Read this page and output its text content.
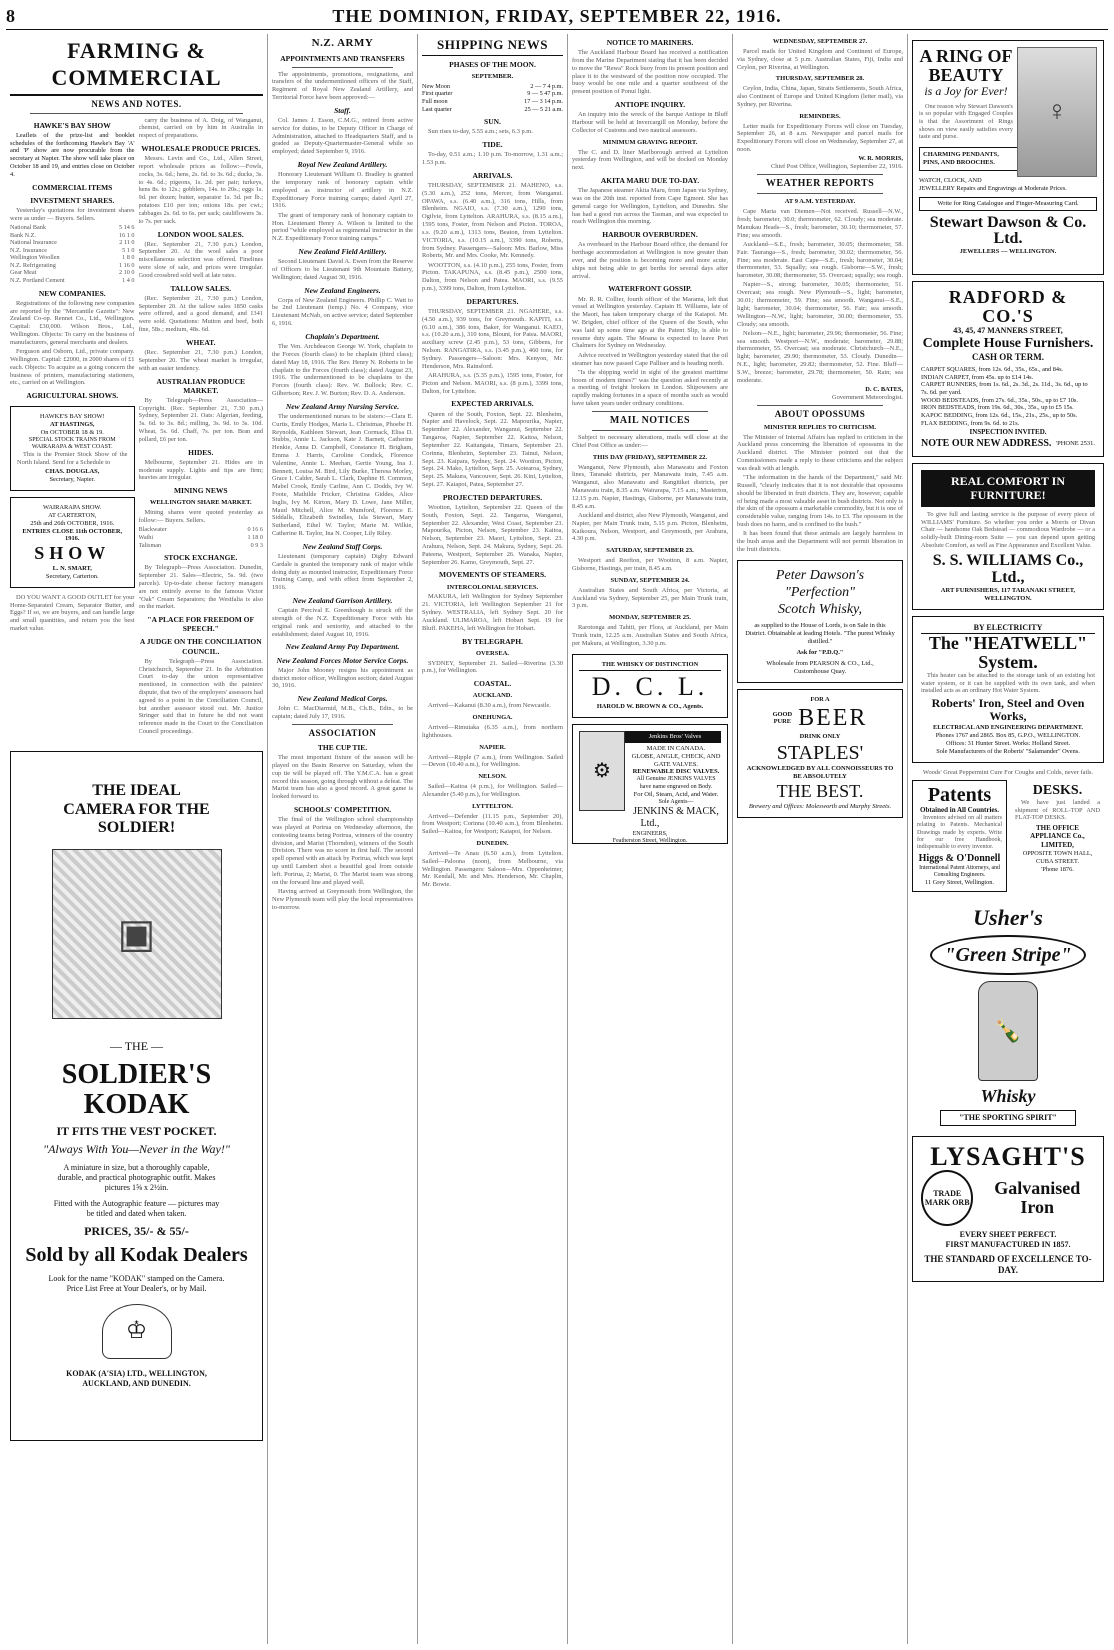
8	THE DOMINION, FRIDAY, SEPTEMBER 22, 1916.
FARMING & COMMERCIAL
NEWS AND NOTES.
HAWKE'S BAY SHOW

Leaflets of the prize-list and booklet schedules of the forthcoming Hawke's Bay 'A' and 'P' show are now procurable from the secretary at Napier. The show will take place on October 18 and 19, and entries close on October 4.

COMMERCIAL ITEMS
INVESTMENT SHARES.

Yesterday's quotations for investment shares were as under — Buyers. Sellers.

National Bank	5 14 6
Bank N.Z.	16 1 0
National Insurance	2 11 0
N.Z. Insurance	5 1 0
Wellington Woollen	1 8 0
N.Z. Refrigerating	1 16 0
Gear Meat	2 10 0
N.Z. Portland Cement	1 4 0
NEW COMPANIES.

Registrations of the following new companies are reported by the "Mercantile Gazette": New Zealand Co-op. Rennet Co., Ltd., Wellington. Capital: £30,000. Wilson Bros., Ltd., Wellington. Objects: To carry on the business of manufacturers, general merchants and dealers.

Ferguson and Osborn, Ltd., private company. Wellington. Capital: £2000, in 2000 shares of £1 each. Objects: To acquire as a going concern the business of printers, manufacturing stationers, etc., carried on at Wellington.

AGRICULTURAL SHOWS.
HAWKE'S BAY SHOW!
AT HASTINGS,
On OCTOBER 18 & 19.
SPECIAL STOCK TRAINS FROM WAIRARAPA & WEST COAST.

This is the Premier Stock Show of the North Island. Send for a Schedule to

CHAS. DOUGLAS,
Secretary, Napier.
WAIRARAPA SHOW.
AT CARTERTON,
25th and 26th OCTOBER, 1916.
ENTRIES CLOSE 11th OCTOBER, 1916.
SHOW
L. N. SMART,
Secretary, Carterton.

DO YOU WANT A GOOD OUTLET for your Home-Separated Cream, Separator Butter, and Eggs? If so, we are buyers, and can handle large and small quantities, and return you the best market value.

carry the business of A. Doig, of Wanganui, chemist, carried on by him in Australia in respect of preparations.

WHOLESALE PRODUCE PRICES.

Messrs. Levin and Co., Ltd., Allen Street, report wholesale prices as follow:—Fowls, cocks, 3s. 6d.; hens, 2s. 6d. to 3s. 6d.; ducks, 3s. to 4s. 6d.; pigeons, 1s. 2d. per pair; turkeys, hens 8s. to 12s.; gobblers, 14s. to 20s.; eggs 1s. 9d. per dozen; butter, separator 1s. 3d. per lb.; potatoes £10 per ton; onions 18s. per cwt.; cabbages 2s. 6d. to 6s. per sack; cauliflowers 3s. to 7s. per sack.

LONDON WOOL SALES.

(Rec. September 21, 7.30 p.m.) London, September 20. At the wool sales a poor miscellaneous selection was offered. Finelines were slow of sale, and prices were irregular. Good crossbred sold well at late rates.

TALLOW SALES.

(Rec. September 21, 7.30 p.m.) London, September 20. At the tallow sales 1850 casks were offered, and a good demand, and 1341 were sold. Quotations: Mutton and beef, both fine, 58s.; medium, 48s. 6d.

WHEAT.

(Rec. September 21, 7.30 p.m.) London, September 20. The wheat market is irregular, with an easier tendency.

AUSTRALIAN PRODUCE MARKET.

By Telegraph—Press Association—Copyright. (Rec. September 21, 7.30 p.m.) Sydney, September 21. Oats: Algerian, feeding, 3s. 6d. to 3s. 8d.; milling, 3s. 9d. to 3s. 10d. Wheat, 5s. 6d. Chaff, 7s. per ton. Bran and pollard, £6 per ton.

HIDES.

Melbourne, September 21. Hides are in moderate supply. Lights and tips are firm; heavies are irregular.

MINING NEWS
WELLINGTON SHARE MARKET.

Mining shares were quoted yesterday as follow:— Buyers. Sellers.

Blackwater	0 16 6
Waihi	1 18 0
Talisman	0 9 3
STOCK EXCHANGE.

By Telegraph—Press Association. Dunedin, September 21. Sales—Electric, 5s. 9d. (two parcels). Up-to-date cheese factory managers are not entirely averse to the famous Victor "Oak" Cream Separators; the Westfalia is also on the market.

"A PLACE FOR FREEDOM OF SPEECH."
A JUDGE ON THE CONCILIATION COUNCIL.

By Telegraph—Press Association. Christchurch, September 21. In the Arbitration Court to-day the union representative mentioned, in connection with the painters' dispute, that two of the employers' assessors had agreed to a point in the Conciliation Council, but another assessor stood out. Mr. Justice Stringer said that in future he did not want reference made in the Court to the Conciliation Council proceedings.

THE IDEAL CAMERA FOR THE SOLDIER!
▣
— THE —
SOLDIER'S KODAK
IT FITS THE VEST POCKET.
"Always With You—Never in the Way!"
A miniature in size, but a thoroughly capable, durable, and practical photographic outfit. Makes pictures 1⅝ x 2½in.
Fitted with the Autographic feature — pictures may be titled and dated when taken.
PRICES, 35/- & 55/-
Sold by all Kodak Dealers
Look for the name "KODAK" stamped on the Camera.
Price List Free at Your Dealer's, or by Mail.
♔
KODAK (A'SIA) LTD., WELLINGTON, AUCKLAND, AND DUNEDIN.
N.Z. ARMY
APPOINTMENTS AND TRANSFERS

The appointments, promotions, resignations, and transfers of the undermentioned officers of the Staff, Regiment of Royal New Zealand Artillery, and Territorial Force have been approved:—

Staff.

Col. James J. Esson, C.M.G., retired from active service for duties, to be Deputy Officer in Charge of Administration, attached to Headquarters Staff, and is graded as Deputy-Quartermaster-General while so employed; dated September 9, 1916.

Royal New Zealand Artillery.

Honorary Lieutenant William O. Bradley is granted the temporary rank of honorary captain while employed as instructor of artillery in N.Z. Expeditionary Force training camps; dated April 27, 1916.

The grant of temporary rank of honorary captain to Hon. Lieutenant Henry A. Wilson is limited to the period "while employed as regimental instructor in the N.Z. Expeditionary Force training camps."

New Zealand Field Artillery.

Second Lieutenant David A. Ewen from the Reserve of Officers to be Lieutenant 9th Mountain Battery, Wellington; dated August 30, 1916.

New Zealand Engineers.

Corps of New Zealand Engineers. Phillip C. Watt to be 2nd Lieutenant (temp.) No. 4 Company, vice Lieutenant McNab, on active service; dated September 6, 1916.

Chaplain's Department.

The Ven. Archdeacon George W. York, chaplain to the Forces (fourth class) to be chaplain (third class); dated May 18, 1916. The Rev. Henry N. Roberts to be chaplain to the Forces (fourth class); dated August 23, 1916. The undermentioned to be chaplains to the Forces (fourth class): Rev. W. Bullock; Rev. C. Gilbertson; Rev. J. W. Burton; Rev. D. A. Anderson.

New Zealand Army Nursing Service.

The undermentioned nurses to be sisters:—Clara E. Curtis, Emily Hodges, Maria L. Christmas, Phoebe H. Reynolds, Kathleen Stewart, Jean Cormack, Elisa D. Stubbs, Annie L. Jackson, Kate J. Barnett, Catherine Henkie, Anna D. Campbell, Constance H. Brigham, Emma J. Harris, Caroline Condick, Florence Valentine, Annie L. Meehan, Gertie Young, Ina J. Bennett, Louisa M. Bird, Lily Burke, Theresa Morley, Grace I. Calder, Sarah L. Clark, Daphne H. Common, Mabel Crook, Emily Carline, Ann C. Dodds, Ivy W. Foote, Mathilde Fricker, Christina Giddes, Alice Inglis, Ivy M. Kirton, Mary D. Lowe, Jane Miller, Maud Mitchell, Alice M. Mumford, Florence E. Siddalls, Elizabeth Swindles, Isla Stewart, Mary Sutherland, Ethel W. Taylor, Marie M. Wilkie, Catherine R. Taylor, Ina N. Cooper, Lily Riley.

New Zealand Staff Corps.

Lieutenant (temporary captain) Digby Edward Cardale is granted the temporary rank of major while doing duty as mounted instructor, Expeditionary Force Training Camp, and with effect from September 2, 1916.

New Zealand Garrison Artillery.

Captain Percival E. Greenhough is struck off the strength of the N.Z. Expeditionary Force with his original rank and seniority, and attached to the establishment; dated August 10, 1916.

New Zealand Army Pay Department.
New Zealand Forces Motor Service Corps.

Major John Mooney resigns his appointment as district motor officer, Wellington section; dated August 30, 1916.

New Zealand Medical Corps.

John C. MacDiarmid, M.B., Ch.B., Edin., to be captain; dated July 17, 1916.

ASSOCIATION
THE CUP TIE.

The most important fixture of the season will be played on the Basin Reserve on Saturday, when the cup tie will be played off. The Y.M.C.A. has a great record this season, going through without a defeat. The Marist team has also a good record. A great game is looked forward to.

SCHOOLS' COMPETITION.

The final of the Wellington school championship was played at Porirua on Wednesday afternoon, the contesting teams being Porirua, winners of the country division, and Marist (Thorndon), winners of the South Division. There was no score in first half. The second spell opened with an attack by Porirua, which was kept up until Lambert shot a beautiful goal from outside left. Porirua, 2; Marist, 0. The Marist team was strong on the forward line and played well.

Having arrived at Greymouth from Wellington, the New Plymouth team will play the local representatives to-morrow.

SHIPPING NEWS
PHASES OF THE MOON.
SEPTEMBER.
New Moon	2 — 7 4 p.m.
First quarter	9 — 5 47 p.m.
Full moon	17 — 3 14 p.m.
Last quarter	25 — 5 21 a.m.
SUN.

Sun rises to-day, 5.55 a.m.; sets, 6.3 p.m.

TIDE.

To-day, 0.51 a.m.; 1.10 p.m. To-morrow, 1.31 a.m.; 1.53 p.m.

ARRIVALS.

THURSDAY, SEPTEMBER 21. MAHENO, s.s. (5.30 a.m.), 252 tons, Mercer, from Wanganui. OPAWA, s.s. (6.40 a.m.), 316 tons, Hills, from Blenheim. NGAIO, s.s. (7.30 a.m.), 1290 tons, Ogilvie, from Lyttelton. ARAHURA, s.s. (8.15 a.m.), 1595 tons, Foster, from Nelson and Picton. TOROA, s.s. (9.20 a.m.), 1313 tons, Beaton, from Lyttelton. VICTORIA, s.s. (10.15 a.m.), 3390 tons, Roberts, from Sydney. Passengers—Saloon: Mrs. Barlow, Miss Roberts, Mr. and Mrs. Cooke, Mr. Kennedy.

WOOTTON, s.s. (4.10 p.m.), 255 tons, Foster, from Picton. TAKAPUNA, s.s. (8.45 p.m.), 2500 tons, Dalton, from Nelson and Patea. MAORI, s.s. (9.55 p.m.), 3399 tons, Dalton, from Lyttelton.

DEPARTURES.

THURSDAY, SEPTEMBER 21. NGAHERE, s.s. (4.50 a.m.), 939 tons, for Greymouth. KAPITI, s.s. (6.10 a.m.), 386 tons, Baker, for Wanganui. KAEO, s.s. (10.20 a.m.), 310 tons, Blount, for Patea. MAORI, auxiliary screw (2.45 p.m.), 53 tons, Gibbens, for Nelson. RANGATIRA, s.s. (3.45 p.m.), 460 tons, for Sydney. Passengers—Saloon: Mrs. Kenyon, Mr. Henderson, Mrs. Rainsford.

ARAHURA, s.s. (5.35 p.m.), 1595 tons, Foster, for Picton and Nelson. MAORI, s.s. (8 p.m.), 3399 tons, Dalton, for Lyttelton.

EXPECTED ARRIVALS.

Queen of the South, Foxton, Sept. 22. Blenheim, Napier and Havelock, Sept. 22. Mapourika, Napier, September 22. Alexander, Wanganui, September 22. Tangaroa, Napier, September 22. Kaitoa, Nelson, September 22. Kaitangata, Timaru, September 23. Corinna, Blenheim, September 23. Tainui, Nelson, Sept. 23. Kaipara, Sydney, Sept. 24. Wootton, Picton, Sept. 24. Mako, Lyttelton, Sept. 25. Aotearoa, Sydney, Sept. 25. Makura, Vancouver, Sept. 26. Kini, Lyttelton, Sept. 27. Kaiapoi, Patea, September 27.

PROJECTED DEPARTURES.

Wootton, Lyttelton, September 22. Queen of the South, Foxton, Sept. 22. Tangaroa, Wanganui, September 22. Alexander, West Coast, September 23. Mapourika, Picton, Nelson, September 23. Kaitoa, Nelson, September 23. Maori, Lyttelton, Sept. 23. Arahura, Nelson, Sept. 24. Makura, Sydney, Sept. 26. Pateena, Westport, September 26. Wanaka, Napier, September 26. Kamo, Greymouth, Sept. 27.

MOVEMENTS OF STEAMERS.
INTERCOLONIAL SERVICES.

MAKURA, left Wellington for Sydney September 21. VICTORIA, left Wellington September 21 for Sydney. WESTRALIA, left Sydney Sept. 20 for Auckland. ULIMAROA, left Hobart Sept. 19 for Bluff. PAKEHA, left Wellington for Hobart.

BY TELEGRAPH.
OVERSEA.

SYDNEY, September 21. Sailed—Riverina (3.30 p.m.), for Wellington.

COASTAL.
AUCKLAND.

Arrived—Kakanui (8.30 a.m.), from Newcastle.

ONEHUNGA.

Arrived—Rimutaka (6.35 a.m.), from northern lighthouses.

NAPIER.

Arrived—Ripple (7 a.m.), from Wellington. Sailed—Devon (10.40 a.m.), for Wellington.

NELSON.

Sailed—Kaitoa (4 p.m.), for Wellington. Sailed—Alexander (5.40 p.m.), for Wellington.

LYTTELTON.

Arrived—Defender (11.15 p.m., September 20), from Westport; Corinna (10.40 a.m.), from Blenheim. Sailed—Kaitoa, for Westport; Kaiapoi, for Nelson.

DUNEDIN.

Arrived—Te Anau (6.50 a.m.), from Lyttelton. Sailed—Paloona (noon), from Melbourne, via Wellington. Passengers: Saloon—Mrs. Oppenheimer, Mr. Kendall, Mr. and Mrs. Henderson, Mr. Chaplin, Mr. Bowie.

NOTICE TO MARINERS.

The Auckland Harbour Board has received a notification from the Marine Department stating that it has been decided to move the "Rewa" Rock buoy from its present position and place it to the westward of the position now occupied. The buoy would be one mile and a quarter southwest of the present position of Ponui light.

ANTIOPE INQUIRY.

An inquiry into the wreck of the barque Antiope in Bluff Harbour will be held at Invercargill on Monday, before the Collector of Customs and two nautical assessors.

MINIMUM GRAVING REPORT.

The C. and D. liner Marlborough arrived at Lyttelton yesterday from Wellington, and will be docked on Monday next.

AKITA MARU DUE TO-DAY.

The Japanese steamer Akita Maru, from Japan via Sydney, was on the 20th inst. reported from Cape Egmont. She has general cargo for Wellington, Lyttelton, and Dunedin. She has had a good run across the Tasman, and was expected to reach Wellington this morning.

HARBOUR OVERBURDEN.

As overheard in the Harbour Board office, the demand for berthage accommodation at Wellington is now greater than ever, and the position is becoming more and more acute, ships not being able to get berths for several days after arrival.

WATERFRONT GOSSIP.

Mr. R. R. Collier, fourth officer of the Marama, left that vessel at Wellington yesterday. Captain H. Williams, late of the Maori, has taken temporary charge of the Kaiapoi. Mr. W. Brigden, chief officer of the Queen of the South, who was laid up some time ago at the Patent Slip, is able to resume duty again. The Moana is expected to leave Port Chalmers for Sydney on Wednesday.

Advice received in Wellington yesterday stated that the oil steamer has now passed Cape Palliser and is heading north.

"Is the shipping world in sight of the greatest maritime boom of modern times?" was the question asked recently at a meeting of freight brokers in London. Shipowners are rapidly making fortunes in a space of months such as would have taken years under ordinary conditions.

MAIL NOTICES

Subject to necessary alterations, mails will close at the Chief Post Office as under:—

THIS DAY (FRIDAY), SEPTEMBER 22.

Wanganui, New Plymouth, also Manawatu and Foxton lines, Taranaki districts, per Manawatu train, 7.45 a.m. Wanganui, also Manawatu and Rangitikei districts, per Manawatu train, 8.35 a.m. Wairarapa, 7.15 a.m.; Masterton, 12.15 p.m. Napier, Hastings, Gisborne, per Manawatu train, 8.45 a.m.

Auckland and district, also New Plymouth, Wanganui, and Napier, per Main Trunk train, 5.15 p.m. Picton, Blenheim, Kaikoura, Nelson, Westport, and Greymouth, per Arahura, 4.30 p.m.

SATURDAY, SEPTEMBER 23.

Westport and Reefton, per Wootton, 8 a.m. Napier, Gisborne, Hastings, per train, 8.45 a.m.

SUNDAY, SEPTEMBER 24.

Australian States and South Africa, per Victoria, at Auckland via Sydney, September 25, per Main Trunk train, 3 p.m.

MONDAY, SEPTEMBER 25.

Rarotonga and Tahiti, per Flora, at Auckland, per Main Trunk train, 12.25 a.m. Australian States and South Africa, per Makura, at Wellington, 3.30 p.m.

THE WHISKY OF DISTINCTION
D. C. L.
HAROLD W. BROWN & CO., Agents.
⚙
Jenkins Bros' Valves
MADE IN CANADA.
GLOBE, ANGLE, CHECK, AND GATE VALVES.
RENEWABLE DISC VALVES.
All Genuine JENKINS VALVES have name engraved on Body.
For Oil, Steam, Acid, and Water.
Sole Agents—
JENKINS & MACK, Ltd.,
ENGINEERS,
Featherston Street, Wellington.
WEDNESDAY, SEPTEMBER 27.

Parcel mails for United Kingdom and Continent of Europe, via Sydney, close at 5 p.m. Australian States, Fiji, India and Ceylon, per Riverina, at Wellington.

THURSDAY, SEPTEMBER 28.

Ceylon, India, China, Japan, Straits Settlements, South Africa, also Continent of Europe and United Kingdom (letter mail), via Sydney, per Riverina.

REMINDERS.

Letter mails for Expeditionary Forces will close on Tuesday, September 26, at 8 a.m. Newspaper and parcel mails for Expeditionary Forces will close on Wednesday, September 27, at noon.

W. R. MORRIS,
Chief Post Office, Wellington, September 22, 1916.
WEATHER REPORTS
AT 9 A.M. YESTERDAY.

Cape Maria van Diemen—Not received. Russell—N.W., fresh; barometer, 30.0; thermometer, 62. Cloudy; sea moderate. Manukau Heads—S., fresh; barometer, 30.10; thermometer, 57. Fine; sea smooth.

Auckland—S.E., fresh; barometer, 30.05; thermometer, 58. Fair. Tauranga—S., fresh; barometer, 30.02; thermometer, 56. Fine; sea moderate. East Cape—S.E., fresh; barometer, 30.04; thermometer, 53. Squally; sea rough. Gisborne—S.W., fresh; barometer, 30.08; thermometer, 55. Overcast; squally; sea rough.

Napier—S., strong; barometer, 30.05; thermometer, 51. Overcast; sea rough. New Plymouth—S., light; barometer, 30.01; thermometer, 59. Fine; sea smooth. Wanganui—S.E., light; barometer, 30.04; thermometer, 56. Fair; sea smooth. Wellington—N.W., light; barometer, 30.00; thermometer, 55. Cloudy; sea smooth.

Nelson—N.E., light; barometer, 29.96; thermometer, 56. Fine; sea smooth. Westport—N.W., moderate; barometer, 29.88; thermometer, 55. Overcast; sea moderate. Christchurch—N.E., light; barometer, 29.90; thermometer, 53. Cloudy. Dunedin—N.E., light; barometer, 29.82; thermometer, 52. Fine. Bluff—S.W., breeze; barometer, 29.78; thermometer, 50. Rain; sea moderate.

D. C. BATES,
Government Meteorologist.
ABOUT OPOSSUMS
MINISTER REPLIES TO CRITICISM.

The Minister of Internal Affairs has replied to criticism in the Auckland press concerning the liberation of opossums in the Auckland district. The Minister pointed out that the Commissioners made a reply to these criticisms and the subject was dealt with at length.

"The information in the hands of the Department," said Mr. Russell, "clearly indicates that it is not desirable that opossums should be liberated in fruit districts. They are, however, capable of being made a most valuable asset in bush districts. Not only is the skin of the opossum a marketable commodity, but it is one of considerable value, ranging from 14s. to £3. The opossum in the bush does no harm, and is confined to the bush."

It has been found that these animals are largely harmless in the bush areas and the Department will not permit liberation in the fruit districts.

Peter Dawson's
"Perfection"
Scotch Whisky,
as supplied to the House of Lords, is on Sale in this District. Obtainable at leading Hotels. "The purest Whisky distilled."
Ask for "P.D.Q."
Wholesale from PEARSON & CO., Ltd.,
Customhouse Quay.
FOR A
GOOD
PURE BEER
DRINK ONLY
STAPLES'
ACKNOWLEDGED BY ALL CONNOISSEURS TO BE ABSOLUTELY
THE BEST.
Brewery and Offices: Molesworth and Murphy Streets.
♀
A RING OF BEAUTY
is a Joy for Ever!

One reason why Stewart Dawson's is so popular with Engaged Couples is that the Assortment of Rings shows on view easily satisfies every taste and purse.

CHARMING PENDANTS, PINS, AND BROOCHES.
WATCH, CLOCK, AND JEWELLERY Repairs and Engravings at Moderate Prices.
Write for Ring Catalogue and Finger-Measuring Card.
Stewart Dawson & Co. Ltd.
JEWELLERS — WELLINGTON.
RADFORD & CO.'S
43, 45, 47 MANNERS STREET,
Complete House Furnishers.
CASH OR TERM.
CARPET SQUARES, from 12s. 6d., 35s., 65s., and 84s.
INDIAN CARPET, from 45s. up to £14 14s.
CARPET RUNNERS, from 1s. 6d., 2s. 3d., 2s. 11d., 3s. 6d., up to 7s. 6d. per yard.
WOOD BEDSTEADS, from 27s. 6d., 35s., 50s., up to £7 10s.
IRON BEDSTEADS, from 19s. 6d., 30s., 35s., up to £5 15s.
KAPOC BEDDING, from 12s. 6d., 15s., 21s., 25s., up to 50s.
FLAX BEDDING, from 9s. 6d. to 21s.
INSPECTION INVITED.
NOTE OUR NEW ADDRESS. 'PHONE 2531.
REAL COMFORT IN FURNITURE!

To give full and lasting service is the purpose of every piece of WILLIAMS' Furniture. So whether you order a Morris or Divan Chair — handsome Oak Bedstead — commodious Wardrobe — or a solidly-built Dining-room Suite — you can depend upon getting Absolute Comfort, as well as Fine Appearance and Excellent Value.

S. S. WILLIAMS Co., Ltd.,
ART FURNISHERS, 117 TARANAKI STREET, WELLINGTON.
BY ELECTRICITY
The "HEATWELL" System.

This heater can be attached to the storage tank of an existing hot water system, or it can be supplied with its own tank, and when installed acts as an ordinary Hot Water System.

Roberts' Iron, Steel and Oven Works,
ELECTRICAL AND ENGINEERING DEPARTMENT.
Phones 1767 and 2865. Box 85, G.P.O., WELLINGTON.
Offices: 31 Hunter Street. Works: Holland Street.
Sole Manufacturers of the Roberts' "Salamander" Ovens.
Woods' Great Peppermint Cure For Coughs and Colds, never fails.
Patents
Obtained in All Countries.

Inventors advised on all matters relating to Patents. Mechanical Drawings made by experts. Write for our free Handbook, indispensable to every inventor.

Higgs & O'Donnell
International Patent Attorneys, and Consulting Engineers.
11 Grey Street, Wellington.
DESKS.

We have just landed a shipment of ROLL-TOP AND FLAT-TOP DESKS.

THE OFFICE APPLIANCE Co., LIMITED,
OPPOSITE TOWN HALL, CUBA STREET.
'Phone 1876.
Usher's
"Green Stripe"
🍾
Whisky
"THE SPORTING SPIRIT"
LYSAGHT'S
TRADE MARK ORB
Galvanised Iron
EVERY SHEET PERFECT.
FIRST MANUFACTURED IN 1857.
THE STANDARD OF EXCELLENCE TO-DAY.
